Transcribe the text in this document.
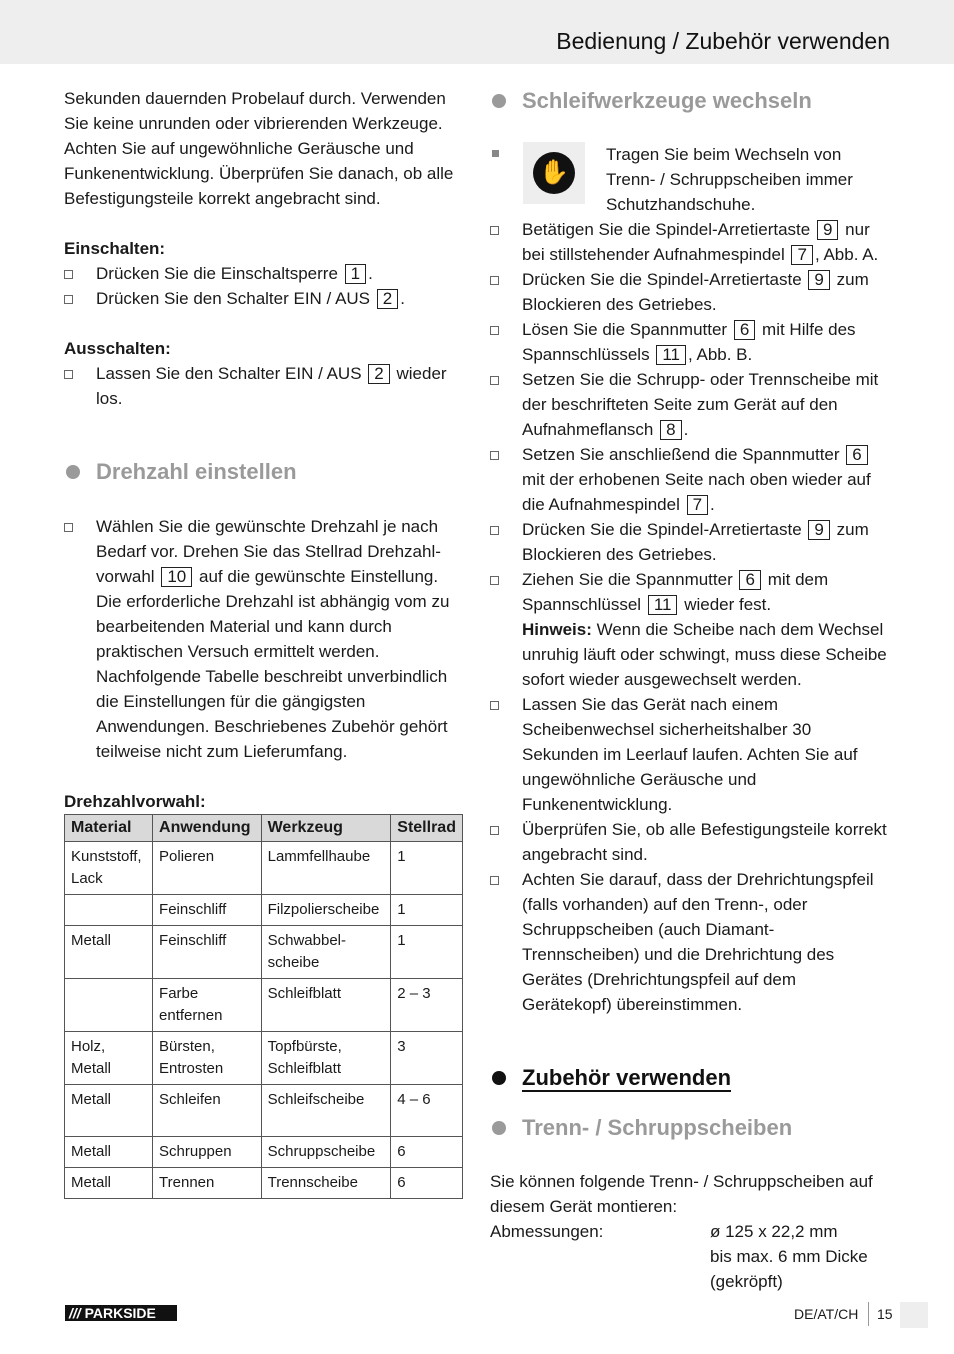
Bedienung / Zubehör verwenden

Sekunden dauernden Probelauf durch. Verwenden Sie keine unrunden oder vibrierenden Werkzeuge. Achten Sie auf ungewöhnliche Geräusche und Funkenentwicklung. Überprüfen Sie danach, ob alle Befestigungsteile korrekt angebracht sind.

Einschalten:

Drücken Sie die Einschaltsperre 1 .
Drücken Sie den Schalter EIN / AUS 2 .

Ausschalten:

Lassen Sie den Schalter EIN / AUS 2 wieder los.
Drehzahl einstellen
Wählen Sie die gewünschte Drehzahl je nach Bedarf vor. Drehen Sie das Stellrad Drehzahl-vorwahl 10 auf die gewünschte Einstellung. Die erforderliche Drehzahl ist abhängig vom zu bearbeitenden Material und kann durch praktischen Versuch ermittelt werden. Nachfolgende Tabelle beschreibt unverbindlich die Einstellungen für die gängigsten Anwendungen. Beschriebenes Zubehör gehört teilweise nicht zum Lieferumfang.

Drehzahlvorwahl:

Material	Anwendung	Werkzeug	Stellrad
Kunststoff, Lack	Polieren	Lammfellhaube	1
	Feinschliff	Filzpolierscheibe	1
Metall	Feinschliff	Schwabbel-scheibe	1
	Farbe entfernen	Schleifblatt	2 – 3
Holz, Metall	Bürsten, Entrosten	Topfbürste, Schleifblatt	3
Metall	Schleifen	Schleifscheibe	4 – 6
Metall	Schruppen	Schruppscheibe	6
Metall	Trennen	Trennscheibe	6
Schleifwerkzeuge wechseln
✋
Tragen Sie beim Wechseln von Trenn- / Schruppscheiben immer Schutzhandschuhe.
Betätigen Sie die Spindel-Arretiertaste 9 nur bei stillstehender Aufnahmespindel 7 , Abb. A.
Drücken Sie die Spindel-Arretiertaste 9 zum Blockieren des Getriebes.
Lösen Sie die Spannmutter 6 mit Hilfe des Spannschlüssels 11 , Abb. B.
Setzen Sie die Schrupp- oder Trennscheibe mit der beschrifteten Seite zum Gerät auf den Aufnahmeflansch 8 .
Setzen Sie anschließend die Spannmutter 6 mit der erhobenen Seite nach oben wieder auf die Aufnahmespindel 7 .
Drücken Sie die Spindel-Arretiertaste 9 zum Blockieren des Getriebes.
Ziehen Sie die Spannmutter 6 mit dem Spannschlüssel 11 wieder fest.
Hinweis: Wenn die Scheibe nach dem Wechsel unruhig läuft oder schwingt, muss diese Scheibe sofort wieder ausgewechselt werden.
Lassen Sie das Gerät nach einem Scheibenwechsel sicherheitshalber 30 Sekunden im Leerlauf laufen. Achten Sie auf ungewöhnliche Geräusche und Funkenentwicklung.
Überprüfen Sie, ob alle Befestigungsteile korrekt angebracht sind.
Achten Sie darauf, dass der Drehrichtungspfeil (falls vorhanden) auf den Trenn-, oder Schruppscheiben (auch Diamant-Trennscheiben) und die Drehrichtung des Gerätes (Drehrichtungspfeil auf dem Gerätekopf) übereinstimmen.
Zubehör verwenden
Trenn- / Schruppscheiben

Sie können folgende Trenn- / Schruppscheiben auf diesem Gerät montieren:

Abmessungen:	ø 125 x 22,2 mm
bis max. 6 mm Dicke
(gekröpft)
/// PARKSIDE	DE/AT/CH 15
